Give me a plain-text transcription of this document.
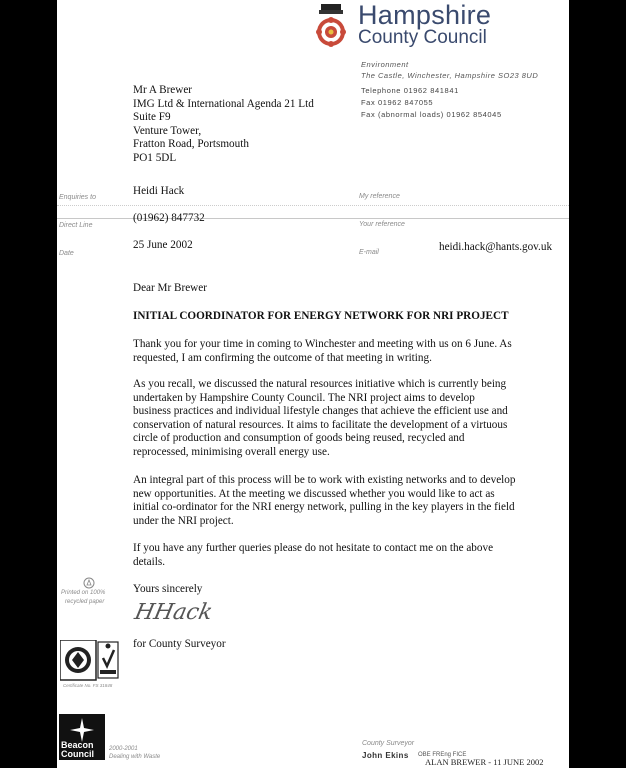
Hampshire
County Council
Environment
The Castle, Winchester, Hampshire SO23 8UD
Telephone 01962 841841
Fax 01962 847055
Fax (abnormal loads) 01962 854045
Mr A Brewer
IMG Ltd & International Agenda 21 Ltd
Suite F9
Venture Tower,
Fratton Road, Portsmouth
PO1 5DL
Enquiries to
Direct Line
Date
My reference
Your reference
E-mail
Heidi Hack
(01962) 847732
25 June 2002	heidi.hack@hants.gov.uk
Dear Mr Brewer
INITIAL COORDINATOR FOR ENERGY NETWORK FOR NRI PROJECT
Thank you for your time in coming to Winchester and meeting with us on 6 June. As
requested, I am confirming the outcome of that meeting in writing.
As you recall, we discussed the natural resources initiative which is currently being
undertaken by Hampshire County Council. The NRI project aims to develop
business practices and individual lifestyle changes that achieve the efficient use and
conservation of natural resources. It aims to facilitate the development of a virtuous
circle of production and consumption of goods being reused, recycled and
reprocessed, minimising overall energy use.
An integral part of this process will be to work with existing networks and to develop
new opportunities. At the meeting we discussed whether you would like to act as
initial co-ordinator for the NRI energy network, pulling in the key players in the field
under the NRI project.
If you have any further queries please do not hesitate to contact me on the above
details.
Yours sincerely
HHack
for County Surveyor
Printed on 100%
recycled paper
Certificate No. FS 31848
Beacon
Council	2000-2001
Dealing with Waste
County Surveyor
John Ekins OBE FREng FICE
ALAN BREWER - 11 JUNE 2002
